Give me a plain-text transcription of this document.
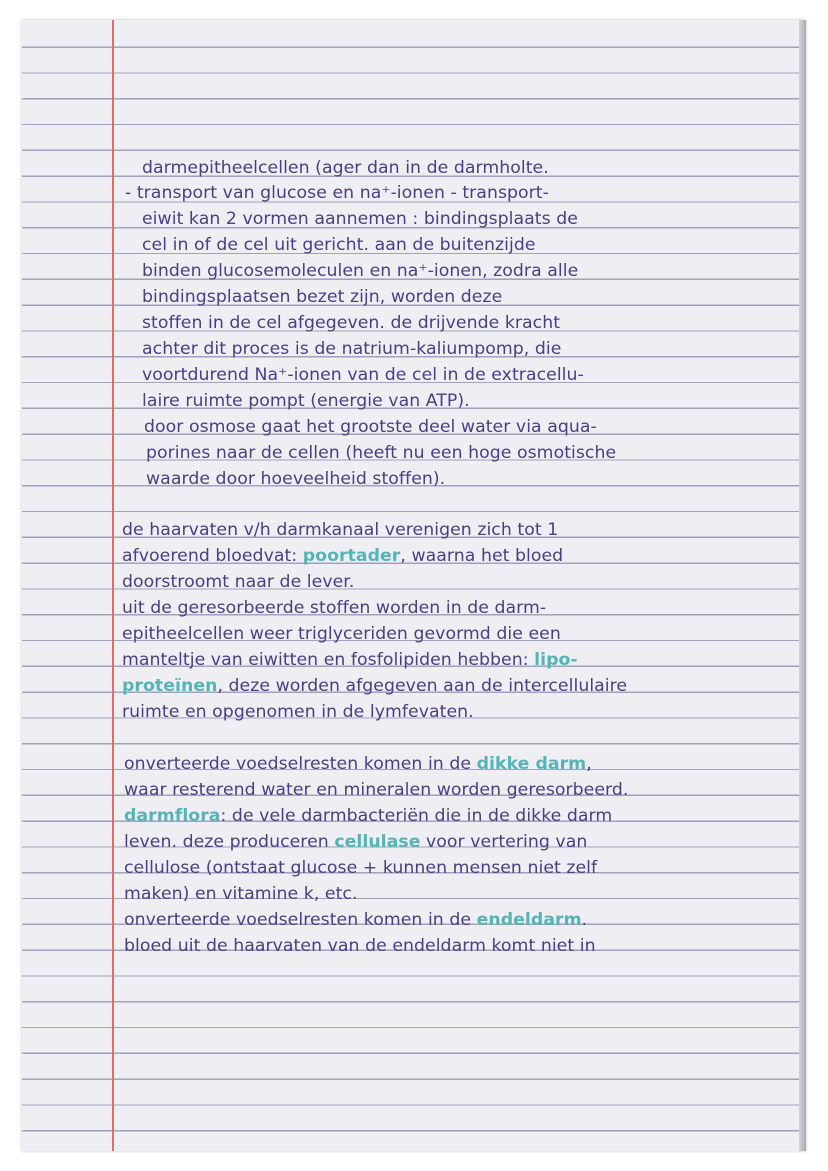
darmepitheelcellen (ager dan in de darmholte.
- transport van glucose en na⁺-ionen - transport-
eiwit kan 2 vormen aannemen : bindingsplaats de
cel in of de cel uit gericht. aan de buitenzijde
binden glucosemoleculen en na⁺-ionen, zodra alle
bindingsplaatsen bezet zijn, worden deze
stoffen in de cel afgegeven. de drijvende kracht
achter dit proces is de natrium-kaliumpomp, die
voortdurend Na⁺-ionen van de cel in de extracellu-
laire ruimte pompt (energie van ATP).
door osmose gaat het grootste deel water via aqua-
porines naar de cellen (heeft nu een hoge osmotische
waarde door hoeveelheid stoffen).
de haarvaten v/h darmkanaal verenigen zich tot 1
afvoerend bloedvat: poortader, waarna het bloed
doorstroomt naar de lever.
uit de geresorbeerde stoffen worden in de darm-
epitheelcellen weer triglyceriden gevormd die een
manteltje van eiwitten en fosfolipiden hebben: lipo-
proteïnen, deze worden afgegeven aan de intercellulaire
ruimte en opgenomen in de lymfevaten.
onverteerde voedselresten komen in de dikke darm,
waar resterend water en mineralen worden geresorbeerd.
darmflora: de vele darmbacteriën die in de dikke darm
leven. deze produceren cellulase voor vertering van
cellulose (ontstaat glucose + kunnen mensen niet zelf
maken) en vitamine k, etc.
onverteerde voedselresten komen in de endeldarm.
bloed uit de haarvaten van de endeldarm komt niet in
